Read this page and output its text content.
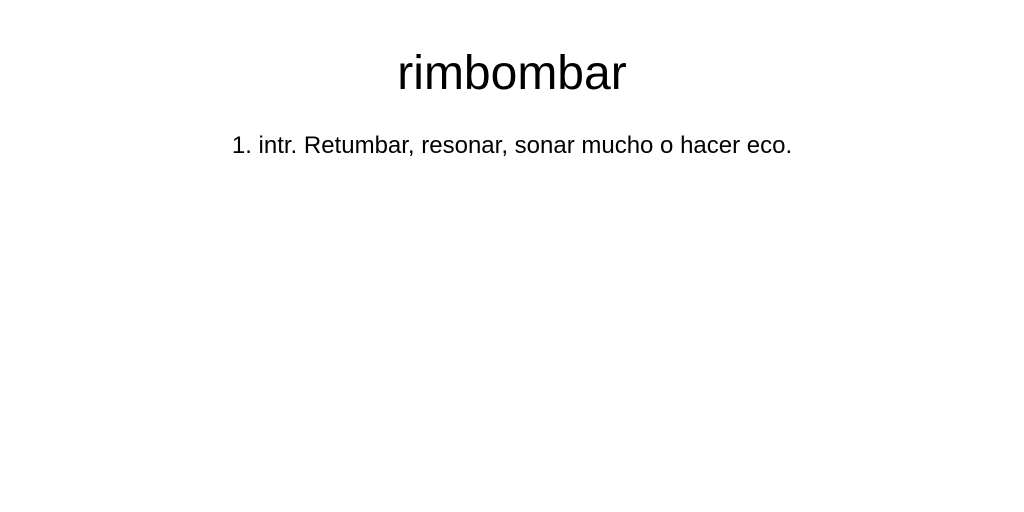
rimbombar

1. intr. Retumbar, resonar, sonar mucho o hacer eco.
